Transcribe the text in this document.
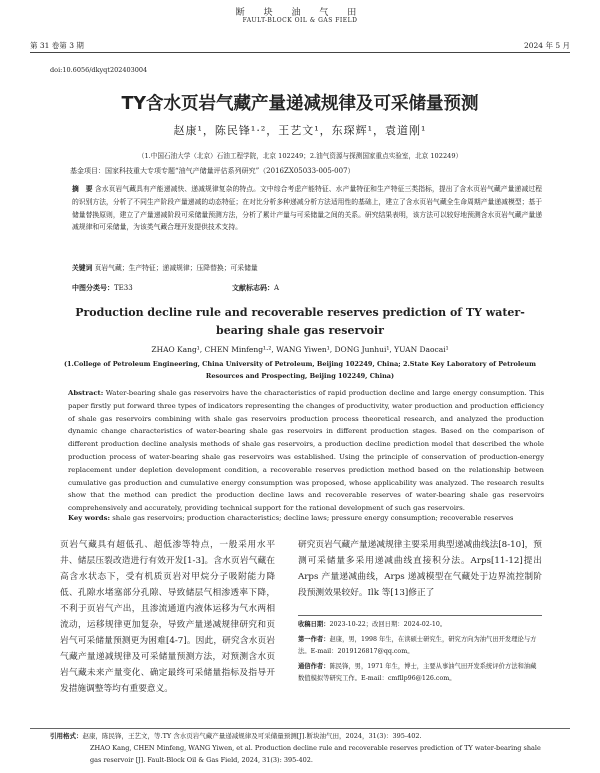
断 块 油 气 田
FAULT-BLOCK OIL & GAS FIELD
第 31 卷第 3 期	2024 年 5 月
doi:10.6056/dkyqt202403004
TY含水页岩气藏产量递减规律及可采储量预测
赵康¹，陈民锋¹·²，王艺文¹，东琛辉¹，袁道刚¹
（1.中国石油大学（北京）石油工程学院，北京 102249；2.油气资源与探测国家重点实验室，北京 102249）
基金项目：国家科技重大专项专题“油气产储量评估系列研究”（2016ZX05033-005-007）
摘　要 含水页岩气藏具有产能递减快、递减规律复杂的特点。文中综合考虑产能特征、水产量特征和生产特征三类指标，提出了含水页岩气藏产量递减过程的识别方法，分析了不同生产阶段产量递减的动态特征；在对比分析多种递减分析方法适用性的基础上，建立了含水页岩气藏全生命周期产量递减模型；基于储量替换原则，建立了产量递减阶段可采储量预测方法，分析了累计产量与可采储量之间的关系。研究结果表明，该方法可以较好地预测含水页岩气藏产量递减规律和可采储量，为该类气藏合理开发提供技术支持。
关键词 页岩气藏；生产特征；递减规律；压降替换；可采储量
中图分类号：TE33	文献标志码：A
Production decline rule and recoverable reserves prediction of TY water-bearing shale gas reservoir
ZHAO Kang¹, CHEN Minfeng¹·², WANG Yiwen¹, DONG Junhui¹, YUAN Daocai¹
(1.College of Petroleum Engineering, China University of Petroleum, Beijing 102249, China; 2.State Key Laboratory of Petroleum Resources and Prospecting, Beijing 102249, China)
Abstract: Water-bearing shale gas reservoirs have the characteristics of rapid production decline and large energy consumption. This paper firstly put forward three types of indicators representing the changes of productivity, water production and production efficiency of shale gas reservoirs combining with shale gas reservoirs production process theoretical research, and analyzed the production dynamic change characteristics of water-bearing shale gas reservoirs in different production stages. Based on the comparison of different production decline analysis methods of shale gas reservoirs, a production decline prediction model that described the whole production process of water-bearing shale gas reservoirs was established. Using the principle of conservation of production-energy replacement under depletion development condition, a recoverable reserves prediction method based on the relationship between cumulative gas production and cumulative energy consumption was proposed, whose applicability was analyzed. The research results show that the method can predict the production decline laws and recoverable reserves of water-bearing shale gas reservoirs comprehensively and accurately, providing technical support for the rational development of such gas reservoirs.
Key words: shale gas reservoirs; production characteristics; decline laws; pressure energy consumption; recoverable reserves

页岩气藏具有超低孔、超低渗等特点，一般采用水平井、储层压裂改造进行有效开发[1-3]。含水页岩气藏在高含水状态下，受有机质页岩对甲烷分子吸附能力降低、孔隙水堵塞部分孔隙、导致储层气相渗透率下降，不利于页岩气产出，且渗流通道内液体运移为气水两相流动，运移规律更加复杂，导致产量递减规律研究和页岩气可采储量预测更为困难[4-7]。因此，研究含水页岩气藏产量递减规律及可采储量预测方法，对预测含水页岩气藏未来产量变化、确定最终可采储量指标及指导开发措施调整等均有重要意义。

研究页岩气藏产量递减规律主要采用典型递减曲线法[8-10]，预测可采储量多采用递减曲线直接积分法。Arps[11-12]提出 Arps 产量递减曲线，Arps 递减模型在气藏处于边界流控制阶段预测效果较好。Ilk 等[13]修正了

收稿日期：2023-10-22；改回日期：2024-02-10。
第一作者：赵康，男，1998 年生，在读硕士研究生，研究方向为油气田开发理论与方法。E-mail：2019126817@qq.com。
通信作者：陈民锋，男，1971 年生，博士，主要从事油气田开发系统评价方法和油藏数值模拟等研究工作。E-mail：cmfllp96@126.com。
引用格式：赵康，陈民锋，王艺文，等.TY 含水页岩气藏产量递减规律及可采储量预测[J].断块油气田，2024，31(3)：395-402.
ZHAO Kang, CHEN Minfeng, WANG Yiwen, et al. Production decline rule and recoverable reserves prediction of TY water-bearing shale gas reservoir [J]. Fault-Block Oil & Gas Field, 2024, 31(3): 395-402.
